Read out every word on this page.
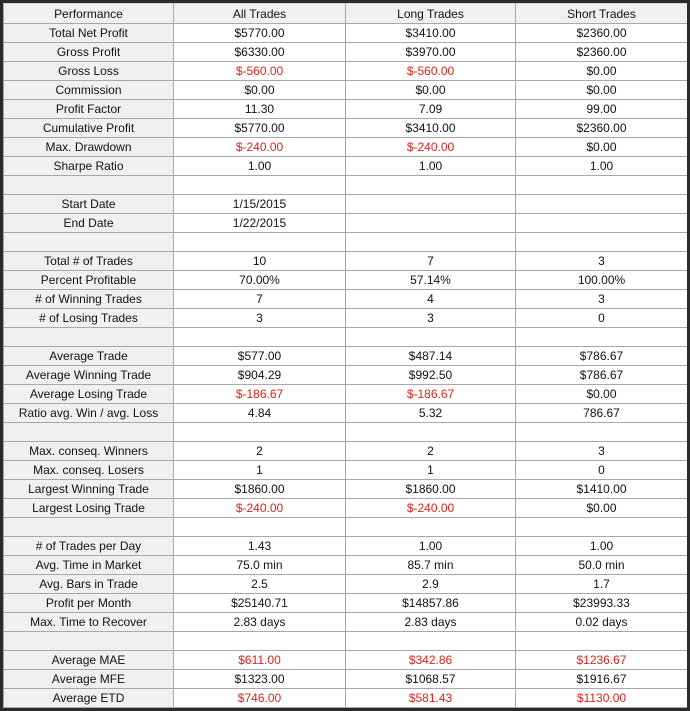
Performance	All Trades	Long Trades	Short Trades
Total Net Profit	$5770.00	$3410.00	$2360.00
Gross Profit	$6330.00	$3970.00	$2360.00
Gross Loss	$-560.00	$-560.00	$0.00
Commission	$0.00	$0.00	$0.00
Profit Factor	11.30	7.09	99.00
Cumulative Profit	$5770.00	$3410.00	$2360.00
Max. Drawdown	$-240.00	$-240.00	$0.00
Sharpe Ratio	1.00	1.00	1.00

Start Date	1/15/2015		
End Date	1/22/2015		

Total # of Trades	10	7	3
Percent Profitable	70.00%	57.14%	100.00%
# of Winning Trades	7	4	3
# of Losing Trades	3	3	0

Average Trade	$577.00	$487.14	$786.67
Average Winning Trade	$904.29	$992.50	$786.67
Average Losing Trade	$-186.67	$-186.67	$0.00
Ratio avg. Win / avg. Loss	4.84	5.32	786.67

Max. conseq. Winners	2	2	3
Max. conseq. Losers	1	1	0
Largest Winning Trade	$1860.00	$1860.00	$1410.00
Largest Losing Trade	$-240.00	$-240.00	$0.00

# of Trades per Day	1.43	1.00	1.00
Avg. Time in Market	75.0 min	85.7 min	50.0 min
Avg. Bars in Trade	2.5	2.9	1.7
Profit per Month	$25140.71	$14857.86	$23993.33
Max. Time to Recover	2.83 days	2.83 days	0.02 days

Average MAE	$611.00	$342.86	$1236.67
Average MFE	$1323.00	$1068.57	$1916.67
Average ETD	$746.00	$581.43	$1130.00
